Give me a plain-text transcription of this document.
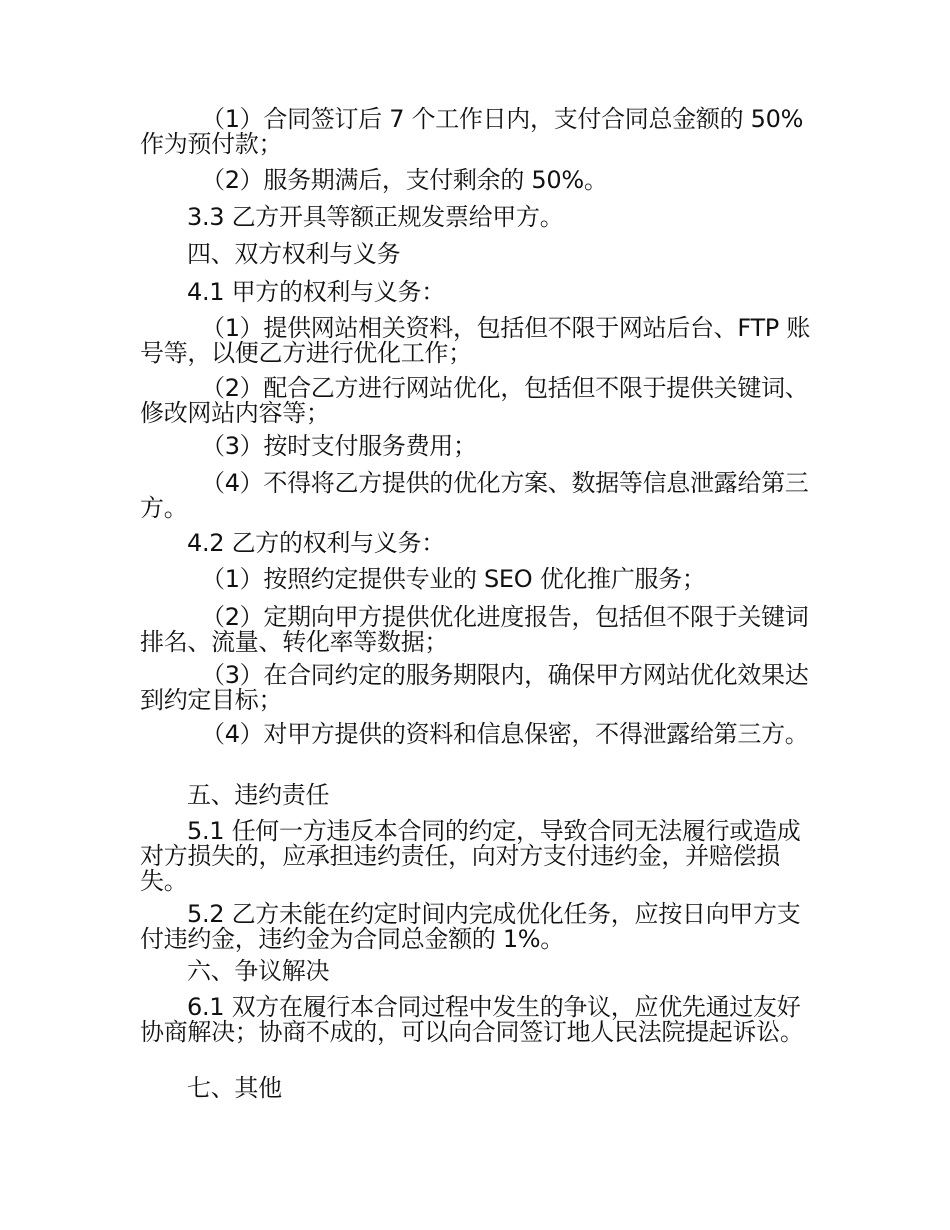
（1）合同签订后 7 个工作日内，支付合同总金额的 50%作为预付款；

（2）服务期满后，支付剩余的 50%。

3.3 乙方开具等额正规发票给甲方。

四、双方权利与义务

4.1 甲方的权利与义务：

（1）提供网站相关资料，包括但不限于网站后台、FTP 账号等，以便乙方进行优化工作；

（2）配合乙方进行网站优化，包括但不限于提供关键词、修改网站内容等；

（3）按时支付服务费用；

（4）不得将乙方提供的优化方案、数据等信息泄露给第三方。

4.2 乙方的权利与义务：

（1）按照约定提供专业的 SEO 优化推广服务；

（2）定期向甲方提供优化进度报告，包括但不限于关键词排名、流量、转化率等数据；

（3）在合同约定的服务期限内，确保甲方网站优化效果达到约定目标；

（4）对甲方提供的资料和信息保密，不得泄露给第三方。

五、违约责任

5.1 任何一方违反本合同的约定，导致合同无法履行或造成对方损失的，应承担违约责任，向对方支付违约金，并赔偿损失。

5.2 乙方未能在约定时间内完成优化任务，应按日向甲方支付违约金，违约金为合同总金额的 1%。

六、争议解决

6.1 双方在履行本合同过程中发生的争议，应优先通过友好协商解决；协商不成的，可以向合同签订地人民法院提起诉讼。

七、其他
